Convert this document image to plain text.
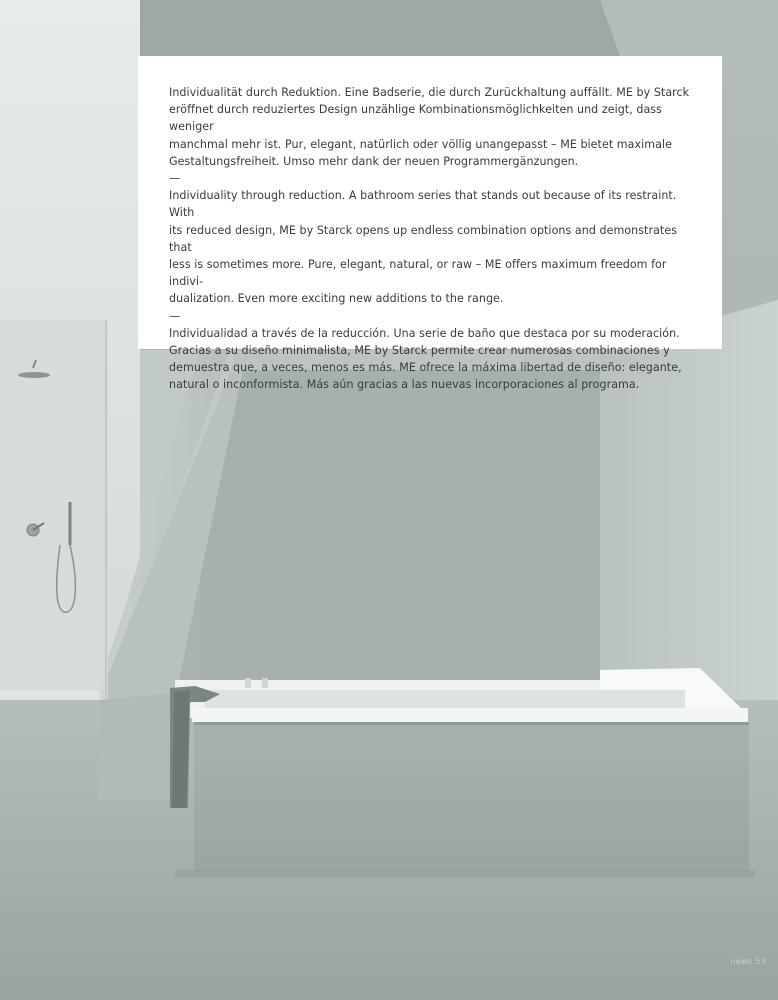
Individualität durch Reduktion. Eine Badserie, die durch Zurückhaltung auffällt. ME by Starck
eröffnet durch reduziertes Design unzählige Kombinationsmöglichkeiten und zeigt, dass weniger
manchmal mehr ist. Pur, elegant, natürlich oder völlig unangepasst – ME bietet maximale
Gestaltungsfreiheit. Umso mehr dank der neuen Programmergänzungen.

—

Individuality through reduction. A bathroom series that stands out because of its restraint. With
its reduced design, ME by Starck opens up endless combination options and demonstrates that
less is sometimes more. Pure, elegant, natural, or raw – ME offers maximum freedom for indivi-
dualization. Even more exciting new additions to the range.

—

Individualidad a través de la reducción. Una serie de baño que destaca por su moderación.
Gracias a su diseño minimalista, ME by Starck permite crear numerosas combinaciones y
demuestra que, a veces, menos es más. ME ofrece la máxima libertad de diseño: elegante,
natural o inconformista. Más aún gracias a las nuevas incorporaciones al programa.

news 53
